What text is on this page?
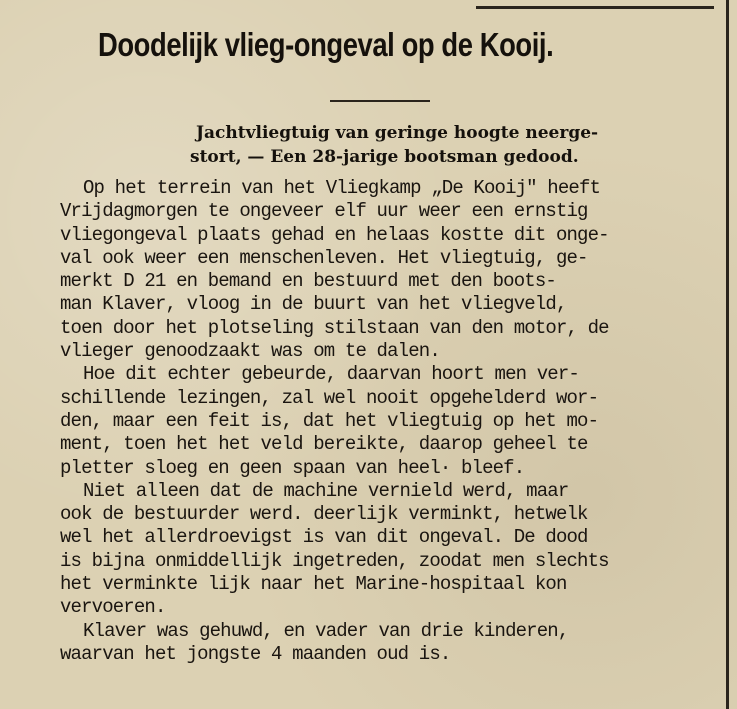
Doodelijk vlieg-ongeval op de Kooij.
Jachtvliegtuig van geringe hoogte neerge-
stort, — Een 28-jarige bootsman gedood.
Op het terrein van het Vliegkamp „De Kooij" heeft
Vrijdagmorgen te ongeveer elf uur weer een ernstig
vliegongeval plaats gehad en helaas kostte dit onge-
val ook weer een menschenleven. Het vliegtuig, ge-
merkt D 21 en bemand en bestuurd met den boots-
man Klaver, vloog in de buurt van het vliegveld,
toen door het plotseling stilstaan van den motor, de
vlieger genoodzaakt was om te dalen.
Hoe dit echter gebeurde, daarvan hoort men ver-
schillende lezingen, zal wel nooit opgehelderd wor-
den, maar een feit is, dat het vliegtuig op het mo-
ment, toen het het veld bereikte, daarop geheel te
pletter sloeg en geen spaan van heel· bleef.
Niet alleen dat de machine vernield werd, maar
ook de bestuurder werd. deerlijk verminkt, hetwelk
wel het allerdroevigst is van dit ongeval. De dood
is bijna onmiddellijk ingetreden, zoodat men slechts
het verminkte lijk naar het Marine-hospitaal kon
vervoeren.
Klaver was gehuwd, en vader van drie kinderen,
waarvan het jongste 4 maanden oud is.
